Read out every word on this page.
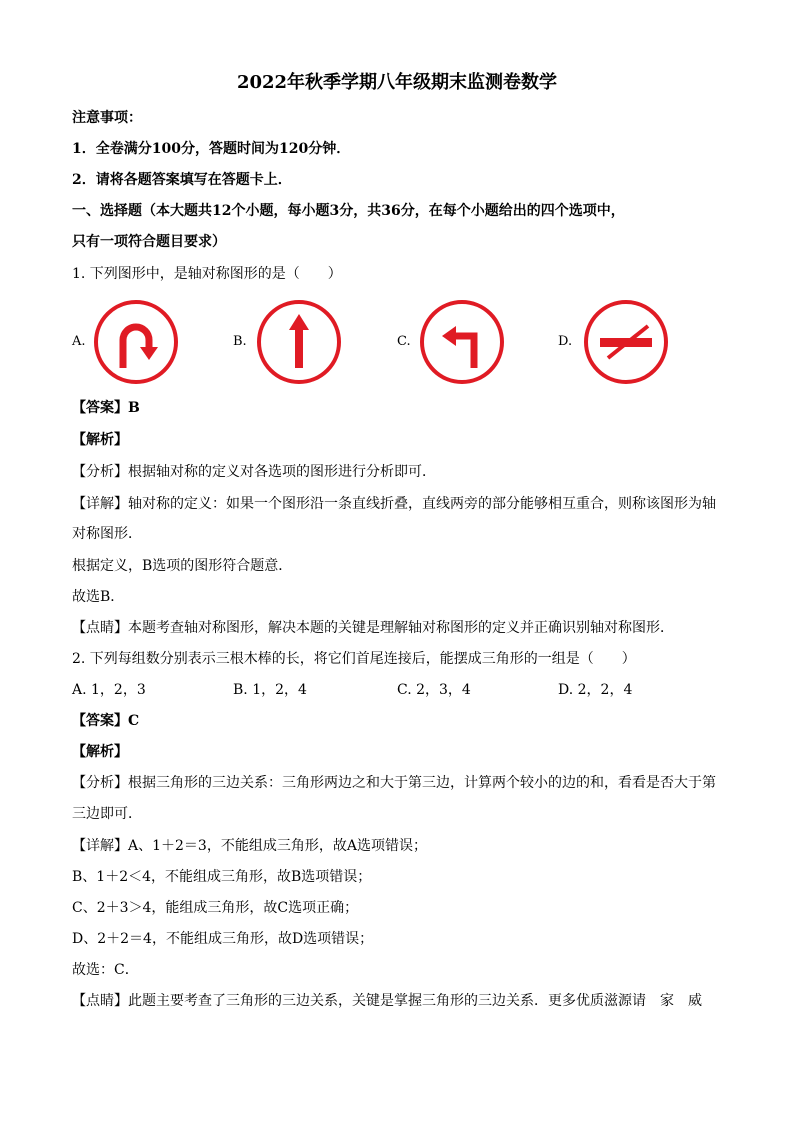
2022年秋季学期八年级期末监测卷数学
注意事项：
1．全卷满分100分，答题时间为120分钟．
2．请将各题答案填写在答题卡上．
一、选择题（本大题共12个小题，每小题3分，共36分，在每个小题给出的四个选项中，
只有一项符合题目要求）
1. 下列图形中，是轴对称图形的是（　　）
A.	B.	C.	D.
【答案】B
【解析】
【分析】根据轴对称的定义对各选项的图形进行分析即可．
【详解】轴对称的定义：如果一个图形沿一条直线折叠，直线两旁的部分能够相互重合，则称该图形为轴
对称图形．
根据定义，B选项的图形符合题意．
故选B．
【点睛】本题考查轴对称图形，解决本题的关键是理解轴对称图形的定义并正确识别轴对称图形．
2. 下列每组数分别表示三根木棒的长，将它们首尾连接后，能摆成三角形的一组是（　　）
A. 1，2，3	B. 1，2，4	C. 2，3，4	D. 2，2，4
【答案】C
【解析】
【分析】根据三角形的三边关系：三角形两边之和大于第三边，计算两个较小的边的和，看看是否大于第
三边即可．
【详解】A、1＋2＝3，不能组成三角形，故A选项错误；
B、1＋2＜4，不能组成三角形，故B选项错误；
C、2＋3＞4，能组成三角形，故C选项正确；
D、2＋2＝4，不能组成三角形，故D选项错误；
故选：C．
【点睛】此题主要考查了三角形的三边关系，关键是掌握三角形的三边关系．更多优质滋源请　家　威
